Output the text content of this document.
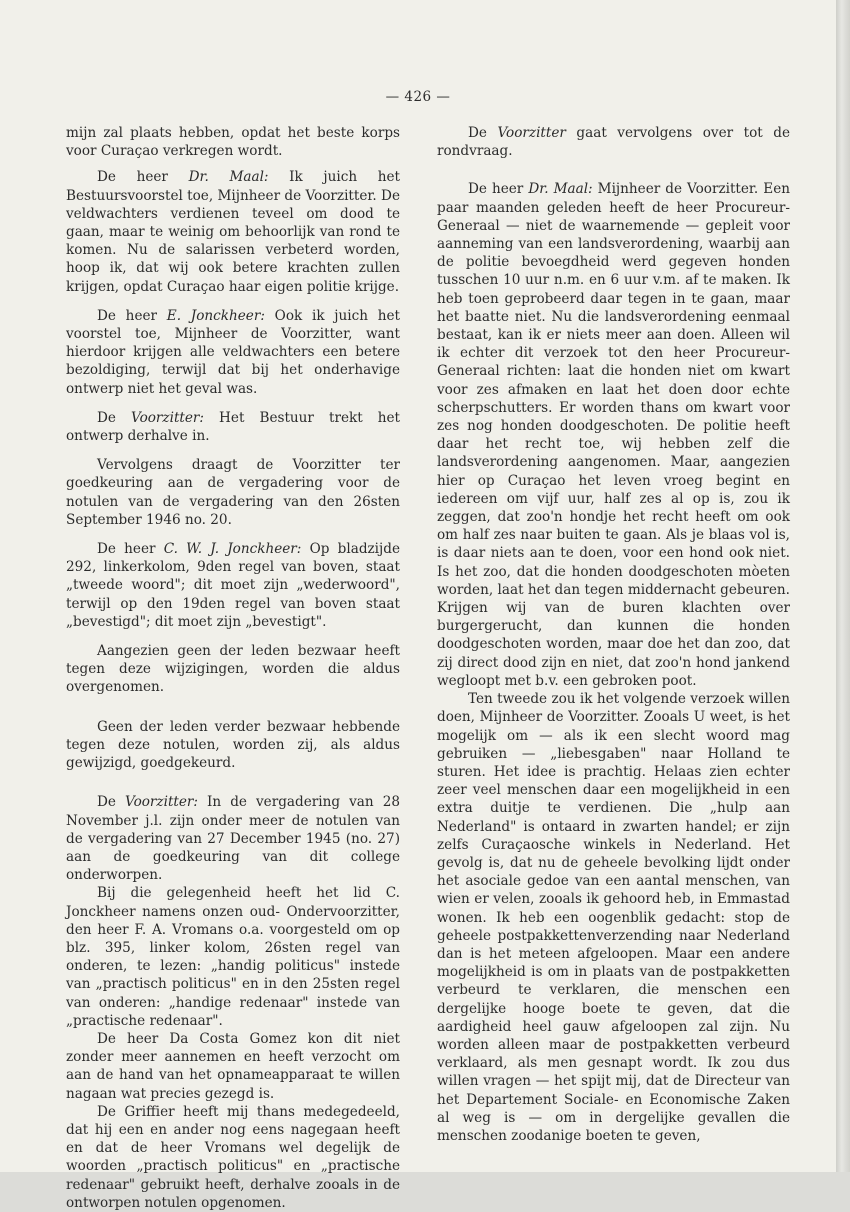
— 426 —

mijn zal plaats hebben, opdat het beste korps voor Curaçao verkregen wordt.

De heer Dr. Maal: Ik juich het Bestuursvoorstel toe, Mijnheer de Voorzitter. De veldwachters verdienen teveel om dood te gaan, maar te weinig om behoorlijk van rond te komen. Nu de salarissen verbeterd worden, hoop ik, dat wij ook betere krachten zullen krijgen, opdat Curaçao haar eigen politie krijge.

De heer E. Jonckheer: Ook ik juich het voorstel toe, Mijnheer de Voorzitter, want hierdoor krijgen alle veldwachters een betere bezoldiging, terwijl dat bij het onderhavige ontwerp niet het geval was.

De Voorzitter: Het Bestuur trekt het ontwerp derhalve in.

Vervolgens draagt de Voorzitter ter goedkeuring aan de vergadering voor de notulen van de vergadering van den 26sten September 1946 no. 20.

De heer C. W. J. Jonckheer: Op bladzijde 292, linkerkolom, 9den regel van boven, staat „tweede woord"; dit moet zijn „wederwoord", terwijl op den 19den regel van boven staat „bevestigd"; dit moet zijn „bevestigt".

Aangezien geen der leden bezwaar heeft tegen deze wijzigingen, worden die aldus overgenomen.

Geen der leden verder bezwaar hebbende tegen deze notulen, worden zij, als aldus gewijzigd, goedgekeurd.

De Voorzitter: In de vergadering van 28 November j.l. zijn onder meer de notulen van de vergadering van 27 December 1945 (no. 27) aan de goedkeuring van dit college onderworpen.

Bij die gelegenheid heeft het lid C. Jonckheer namens onzen oud- Ondervoorzitter, den heer F. A. Vromans o.a. voorgesteld om op blz. 395, linker kolom, 26sten regel van onderen, te lezen: „handig politicus" instede van „practisch politicus" en in den 25sten regel van onderen: „handige redenaar" instede van „practische redenaar".

De heer Da Costa Gomez kon dit niet zonder meer aannemen en heeft verzocht om aan de hand van het opnameapparaat te willen nagaan wat precies gezegd is.

De Griffier heeft mij thans medegedeeld, dat hij een en ander nog eens nagegaan heeft en dat de heer Vromans wel degelijk de woorden „practisch politicus" en „practische redenaar" gebruikt heeft, derhalve zooals in de ontworpen notulen opgenomen.

De Voorzitter gaat vervolgens over tot de rondvraag.

De heer Dr. Maal: Mijnheer de Voorzitter. Een paar maanden geleden heeft de heer Procureur-Generaal — niet de waarnemende — gepleit voor aanneming van een landsverordening, waarbij aan de politie bevoegdheid werd gegeven honden tusschen 10 uur n.m. en 6 uur v.m. af te maken. Ik heb toen geprobeerd daar tegen in te gaan, maar het baatte niet. Nu die landsverordening eenmaal bestaat, kan ik er niets meer aan doen. Alleen wil ik echter dit verzoek tot den heer Procureur-Generaal richten: laat die honden niet om kwart voor zes afmaken en laat het doen door echte scherpschutters. Er worden thans om kwart voor zes nog honden doodgeschoten. De politie heeft daar het recht toe, wij hebben zelf die landsverordening aangenomen. Maar, aangezien hier op Curaçao het leven vroeg begint en iedereen om vijf uur, half zes al op is, zou ik zeggen, dat zoo'n hondje het recht heeft om ook om half zes naar buiten te gaan. Als je blaas vol is, is daar niets aan te doen, voor een hond ook niet. Is het zoo, dat die honden doodgeschoten mòeten worden, laat het dan tegen middernacht gebeuren. Krijgen wij van de buren klachten over burgergerucht, dan kunnen die honden doodgeschoten worden, maar doe het dan zoo, dat zij direct dood zijn en niet, dat zoo'n hond jankend wegloopt met b.v. een gebroken poot.

Ten tweede zou ik het volgende verzoek willen doen, Mijnheer de Voorzitter. Zooals U weet, is het mogelijk om — als ik een slecht woord mag gebruiken — „liebesgaben" naar Holland te sturen. Het idee is prachtig. Helaas zien echter zeer veel menschen daar een mogelijkheid in een extra duitje te verdienen. Die „hulp aan Nederland" is ontaard in zwarten handel; er zijn zelfs Curaçaosche winkels in Nederland. Het gevolg is, dat nu de geheele bevolking lijdt onder het asociale gedoe van een aantal menschen, van wien er velen, zooals ik gehoord heb, in Emmastad wonen. Ik heb een oogenblik gedacht: stop de geheele postpakkettenverzending naar Nederland dan is het meteen afgeloopen. Maar een andere mogelijkheid is om in plaats van de postpakketten verbeurd te verklaren, die menschen een dergelijke hooge boete te geven, dat die aardigheid heel gauw afgeloopen zal zijn. Nu worden alleen maar de postpakketten verbeurd verklaard, als men gesnapt wordt. Ik zou dus willen vragen — het spijt mij, dat de Directeur van het Departement Sociale- en Economische Zaken al weg is — om in dergelijke gevallen die menschen zoodanige boeten te geven,
